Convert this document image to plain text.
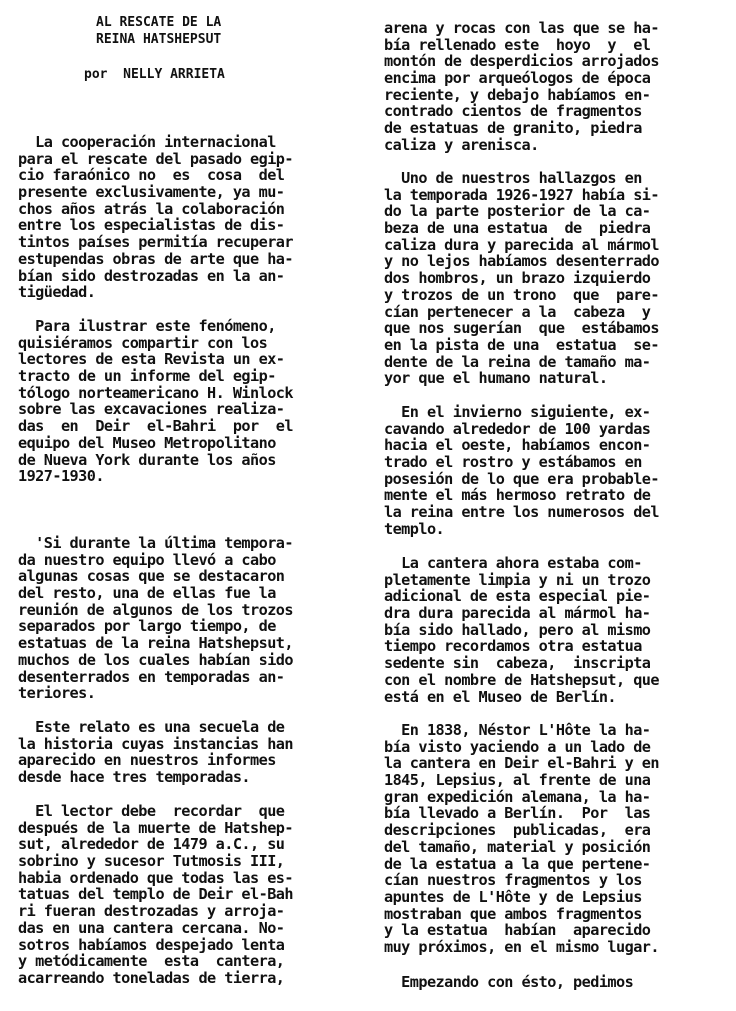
AL RESCATE DE LA
REINA HATSHEPSUT
por  NELLY ARRIETA
La cooperación internacional
para el rescate del pasado egip-
cio faraónico no  es  cosa  del
presente exclusivamente, ya mu-
chos años atrás la colaboración
entre los especialistas de dis-
tintos países permitía recuperar
estupendas obras de arte que ha-
bían sido destrozadas en la an-
tigüedad.
Para ilustrar este fenómeno,
quisiéramos compartir con los
lectores de esta Revista un ex-
tracto de un informe del egip-
tólogo norteamericano H. Winlock
sobre las excavaciones realiza-
das  en  Deir  el-Bahri  por  el
equipo del Museo Metropolitano
de Nueva York durante los años
1927-1930.
'Si durante la última tempora-
da nuestro equipo llevó a cabo
algunas cosas que se destacaron
del resto, una de ellas fue la
reunión de algunos de los trozos
separados por largo tiempo, de
estatuas de la reina Hatshepsut,
muchos de los cuales habían sido
desenterrados en temporadas an-
teriores.
Este relato es una secuela de
la historia cuyas instancias han
aparecido en nuestros informes
desde hace tres temporadas.
El lector debe  recordar  que
después de la muerte de Hatshep-
sut, alrededor de 1479 a.C., su
sobrino y sucesor Tutmosis III,
habia ordenado que todas las es-
tatuas del templo de Deir el-Bah
ri fueran destrozadas y arroja-
das en una cantera cercana. No-
sotros habíamos despejado lenta
y metódicamente  esta  cantera,
acarreando toneladas de tierra,
arena y rocas con las que se ha-
bía rellenado este  hoyo  y  el
montón de desperdicios arrojados
encima por arqueólogos de época
reciente, y debajo habíamos en-
contrado cientos de fragmentos
de estatuas de granito, piedra
caliza y arenisca.
Uno de nuestros hallazgos en
la temporada 1926-1927 había si-
do la parte posterior de la ca-
beza de una estatua  de  piedra
caliza dura y parecida al mármol
y no lejos habíamos desenterrado
dos hombros, un brazo izquierdo
y trozos de un trono  que  pare-
cían pertenecer a la  cabeza  y
que nos sugerían  que  estábamos
en la pista de una  estatua  se-
dente de la reina de tamaño ma-
yor que el humano natural.
En el invierno siguiente, ex-
cavando alrededor de 100 yardas
hacia el oeste, habíamos encon-
trado el rostro y estábamos en
posesión de lo que era probable-
mente el más hermoso retrato de
la reina entre los numerosos del
templo.
La cantera ahora estaba com-
pletamente limpia y ni un trozo
adicional de esta especial pie-
dra dura parecida al mármol ha-
bía sido hallado, pero al mismo
tiempo recordamos otra estatua
sedente sin  cabeza,  inscripta
con el nombre de Hatshepsut, que
está en el Museo de Berlín.
En 1838, Néstor L'Hôte la ha-
bía visto yaciendo a un lado de
la cantera en Deir el-Bahri y en
1845, Lepsius, al frente de una
gran expedición alemana, la ha-
bía llevado a Berlín.  Por  las
descripciones  publicadas,  era
del tamaño, material y posición
de la estatua a la que pertene-
cían nuestros fragmentos y los
apuntes de L'Hôte y de Lepsius
mostraban que ambos fragmentos
y la estatua  habían  aparecido
muy próximos, en el mismo lugar.
Empezando con ésto, pedimos
